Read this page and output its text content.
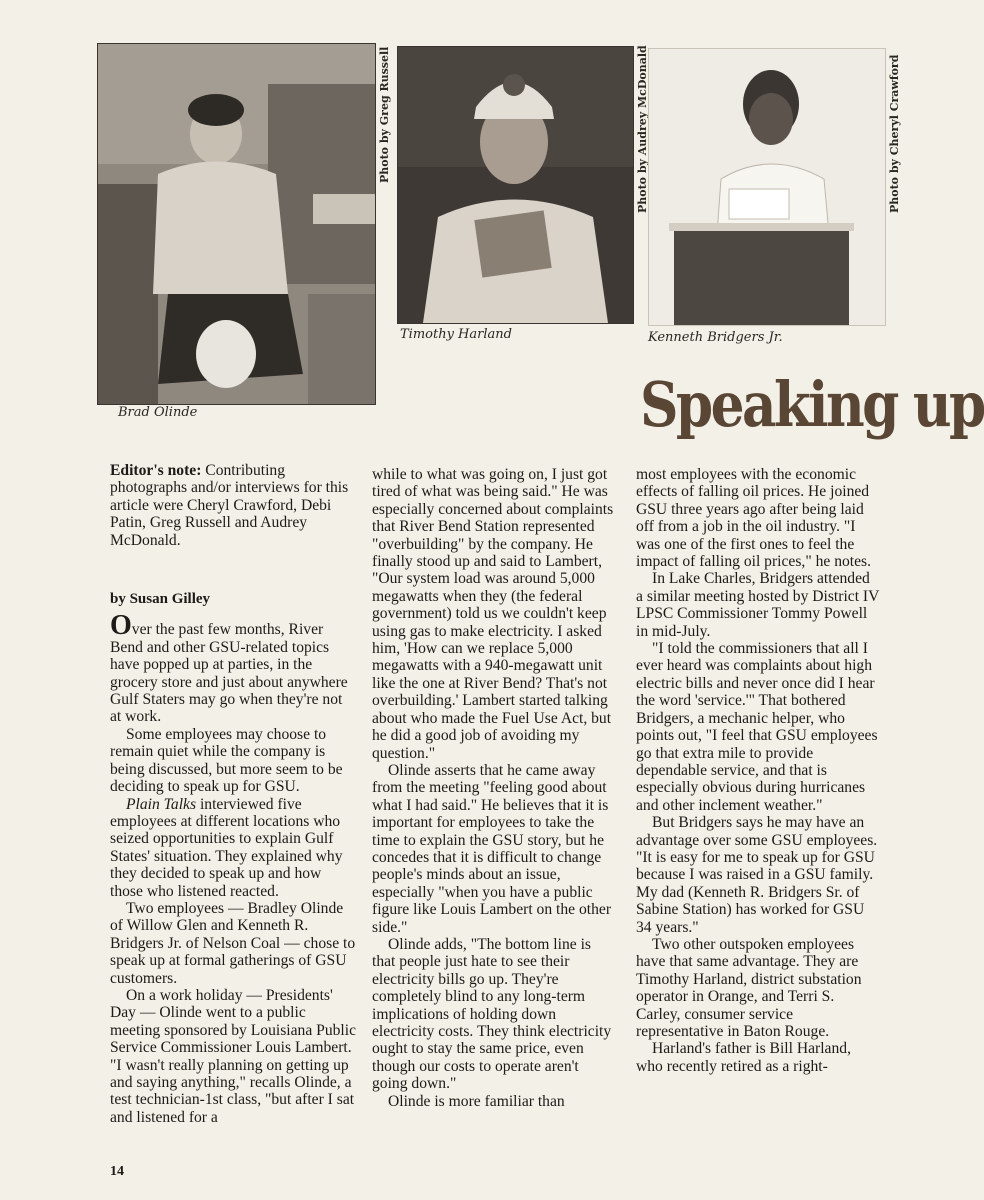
Photo by Greg Russell
Brad Olinde
Photo by Audrey McDonald
Timothy Harland
Photo by Cheryl Crawford
Kenneth Bridgers Jr.
Speaking up

Editor's note: Contributing photographs and/or interviews for this article were Cheryl Crawford, Debi Patin, Greg Russell and Audrey McDonald.

by Susan Gilley

Over the past few months, River Bend and other GSU-related topics have popped up at parties, in the grocery store and just about anywhere Gulf Staters may go when they're not at work.

Some employees may choose to remain quiet while the company is being discussed, but more seem to be deciding to speak up for GSU.

Plain Talks interviewed five employees at different locations who seized opportunities to explain Gulf States' situation. They explained why they decided to speak up and how those who listened reacted.

Two employees — Bradley Olinde of Willow Glen and Kenneth R. Bridgers Jr. of Nelson Coal — chose to speak up at formal gatherings of GSU customers.

On a work holiday — Presidents' Day — Olinde went to a public meeting sponsored by Louisiana Public Service Commissioner Louis Lambert. "I wasn't really planning on getting up and saying anything," recalls Olinde, a test technician-1st class, "but after I sat and listened for a

while to what was going on, I just got tired of what was being said." He was especially concerned about complaints that River Bend Station represented "overbuilding" by the company. He finally stood up and said to Lambert, "Our system load was around 5,000 megawatts when they (the federal government) told us we couldn't keep using gas to make electricity. I asked him, 'How can we replace 5,000 megawatts with a 940-megawatt unit like the one at River Bend? That's not overbuilding.' Lambert started talking about who made the Fuel Use Act, but he did a good job of avoiding my question."

Olinde asserts that he came away from the meeting "feeling good about what I had said." He believes that it is important for employees to take the time to explain the GSU story, but he concedes that it is difficult to change people's minds about an issue, especially "when you have a public figure like Louis Lambert on the other side."

Olinde adds, "The bottom line is that people just hate to see their electricity bills go up. They're completely blind to any long-term implications of holding down electricity costs. They think electricity ought to stay the same price, even though our costs to operate aren't going down."

Olinde is more familiar than

most employees with the economic effects of falling oil prices. He joined GSU three years ago after being laid off from a job in the oil industry. "I was one of the first ones to feel the impact of falling oil prices," he notes.

In Lake Charles, Bridgers attended a similar meeting hosted by District IV LPSC Commissioner Tommy Powell in mid-July.

"I told the commissioners that all I ever heard was complaints about high electric bills and never once did I hear the word 'service.'" That bothered Bridgers, a mechanic helper, who points out, "I feel that GSU employees go that extra mile to provide dependable service, and that is especially obvious during hurricanes and other inclement weather."

But Bridgers says he may have an advantage over some GSU employees. "It is easy for me to speak up for GSU because I was raised in a GSU family. My dad (Kenneth R. Bridgers Sr. of Sabine Station) has worked for GSU 34 years."

Two other outspoken employees have that same advantage. They are Timothy Harland, district substation operator in Orange, and Terri S. Carley, consumer service representative in Baton Rouge.

Harland's father is Bill Harland, who recently retired as a right-

14
